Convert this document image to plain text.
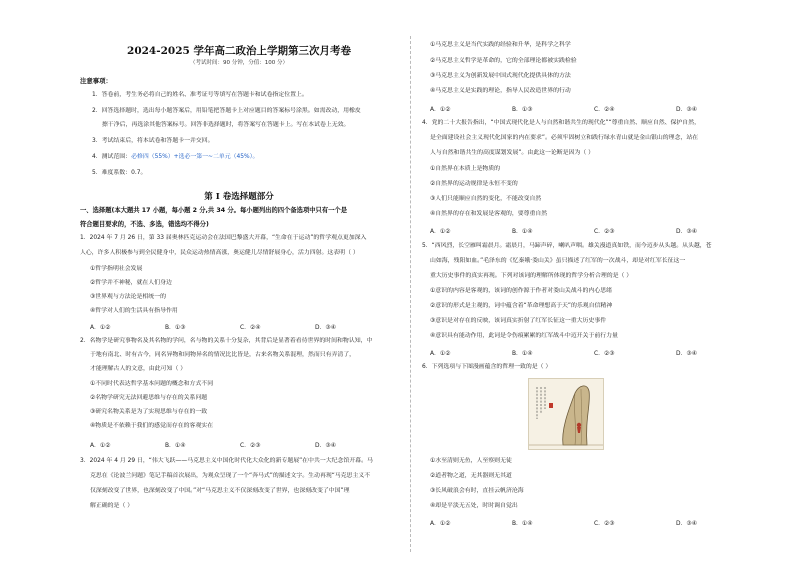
2024-2025 学年高二政治上学期第三次月考卷
（考试时间：90 分钟，分值：100 分）
注意事项：
1．答卷前，考生务必将自己的姓名、准考证号等填写在答题卡和试卷指定位置上。
2．回答选择题时，选出每小题答案后，用铅笔把答题卡上对应题目的答案标号涂黑。如需改动，用橡皮
擦干净后，再选涂其他答案标号。回答非选择题时，将答案写在答题卡上。写在本试卷上无效。
3．考试结束后，将本试卷和答题卡一并交回。
4．测试范围：必修四（55%）+选必一第一~二单元（45%）。
5．难度系数：0.7。
第 I 卷选择题部分
一、选择题(本大题共 17 小题，每小题 2 分,共 34 分。每小题列出的四个备选项中只有一个是
符合题目要求的，不选、多选，错选均不得分)
1．2024 年 7 月 26 日，第 33 届奥林匹克运动会在法国巴黎盛大开幕，“生命在于运动”的哲学观点更加深入
人心，许多人积极参与到全民健身中，民众运动热情高涨，奥运健儿尽情舒展身心，活力四射。这表明（ ）
①哲学指明社会发展
②哲学并不神秘，就在人们身边
③世界观与方法论是相统一的
④哲学对人们的生活具有指导作用
A．①②	B．①③	C．②④	D．③④
2．名物学是研究事物名及其名物的学问，名与物的关系十分复杂，其背后是显著着看待世界的时间和物认知，中
于地有南北、时有古今，同名异物和同物异名的情况比比皆是，古来名物关系混理，然而只有弄清了，
才能理解古人的文意，由此可知（ ）
①不同时代表达哲学基本问题的概念和方式不同
②名物学研究无法回避思维与存在的关系问题
③研究名物关系是为了实现思维与存在的一致
④物质是不依赖于我们的感觉而存在的客观实在
A．①②	B．①④	C．②③	D．③④
3．2024 年 4 月 29 日，“伟大飞跃——马克思主义中国化时代化大众化的新专题展”在中共一大纪念馆开幕。马
克思在《论波兰问题》笔记手稿首次展出，为观众呈现了一个“奔马式”的描述文字。生动再现“马克思主义不
仅深刻改变了世界，也深刻改变了中国。”对“马克思主义不仅深刻改变了世界，也深刻改变了中国”理
解正确的是（ ）
①马克思主义是当代实践的经验和升华，是科学之科学
②马克思主义哲学是革命的，它的全部理论都被实践检验
③马克思主义为创新发展中国式现代化提供具体的方法
④马克思主义是实践的理论，指导人民改造世界的行动
A．①②	B．①③	C．②④	D．③④
4．党的二十大报告指出，“中国式现代化是人与自然和谐共生的现代化”“尊重自然、顺应自然、保护自然，
是全面建设社会主义现代化国家的内在要求”。必须牢固树立和践行绿水青山就是金山银山的理念，站在
人与自然和谐共生的高度谋划发展”。由此这一论断是因为（ ）
①自然界在本质上是物质的
②自然界的运动规律是永恒不变的
③人们只能顺应自然的变化，不能改变自然
④自然界的存在和发展是客观的，要尊重自然
A．①②	B．①④	C．②③	D．③④
5．“西风烈，长空雁叫霜晨月。霜晨月，马蹄声碎，喇叭声咽。雄关漫道真如铁，而今迈步从头越。从头越，苍
山如海，残阳如血。”毛泽东的《忆秦娥·娄山关》虽只描述了红军的一次战斗，却是对红军长征这一
重大历史事件的真实再现。下列对该词的理解所体现的哲学分析合理的是（ ）
①意识的内容是客观的，该词的创作源于作者对娄山关战斗的内心思绪
②意识的形式是主观的，词中蕴含着“革命理想高于天”的乐观自信精神
③意识是对存在的反映，该词真实折射了红军长征这一重大历史事件
④意识具有能动作用，此词是令伤痕累累的红军战斗中迈开关于前行力量
A．①②	B．①④	C．②③	D．③④
6．下列选项与下图漫画蕴含的哲理一致的是（ ）
①水至清则无鱼，人至察则无徒
②道者物之道，无其器则无其道
③长风破浪会有时，直挂云帆济沧海
④却是平淡无五处，时时调自觉出
A．①②	B．①④	C．②③	D．③④
